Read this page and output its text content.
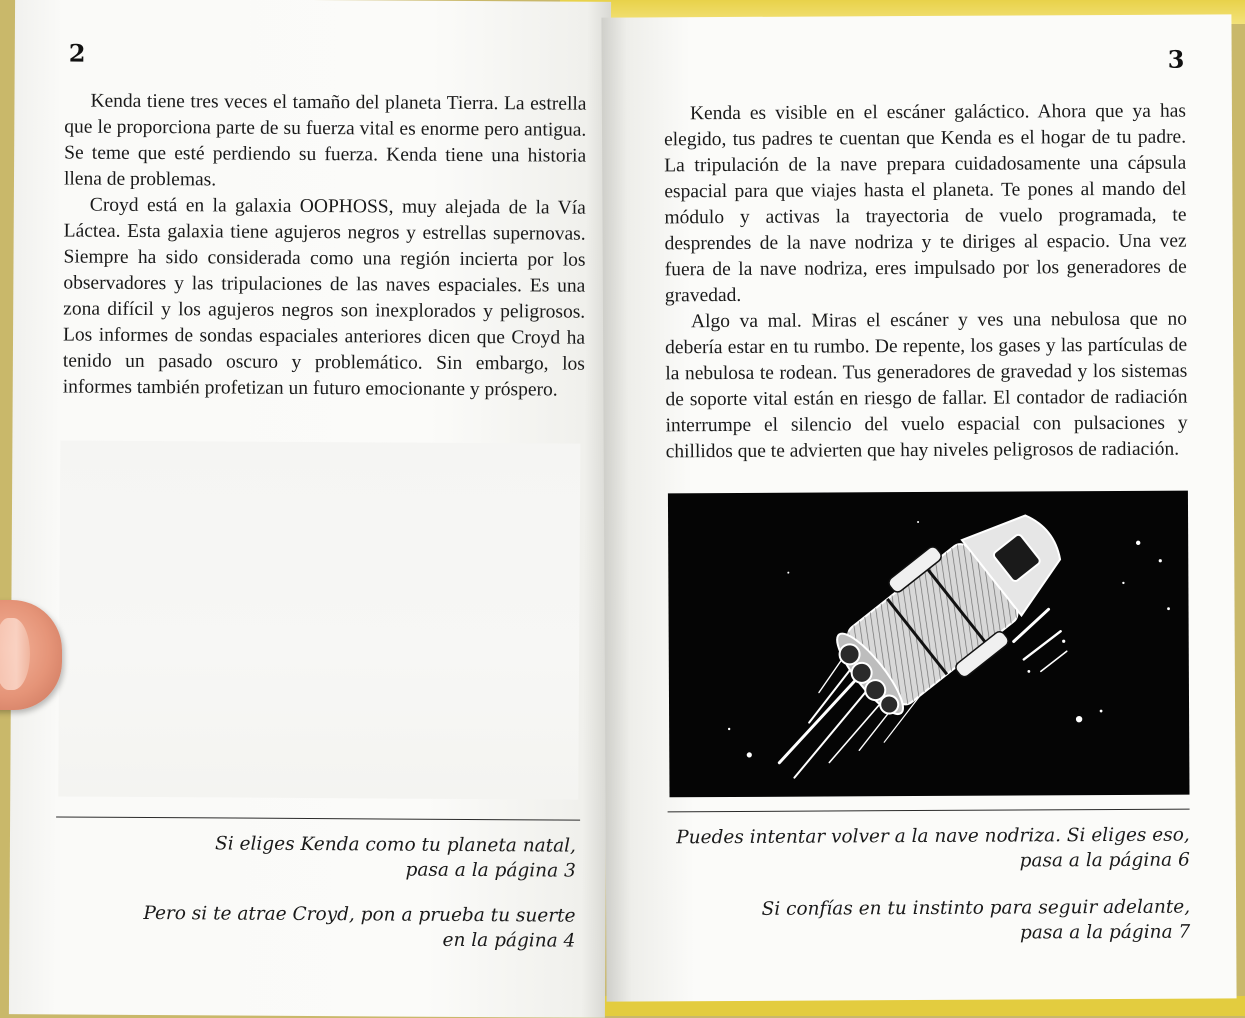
2

Kenda tiene tres veces el tamaño del planeta Tierra. La estrella que le proporciona parte de su fuerza vital es enorme pero antigua. Se teme que esté perdiendo su fuerza. Kenda tiene una historia llena de problemas.

Croyd está en la galaxia OOPHOSS, muy alejada de la Vía Láctea. Esta galaxia tiene agujeros negros y estrellas supernovas. Siempre ha sido considerada como una región incierta por los observadores y las tripulaciones de las naves espaciales. Es una zona difícil y los agujeros negros son inexplorados y peligrosos. Los informes de sondas espaciales anteriores dicen que Croyd ha tenido un pasado oscuro y problemático. Sin embargo, los informes también profetizan un futuro emocionante y próspero.

Si eliges Kenda como tu planeta natal,
pasa a la página 3
Pero si te atrae Croyd, pon a prueba tu suerte
en la página 4
3

Kenda es visible en el escáner galáctico. Ahora que ya has elegido, tus padres te cuentan que Kenda es el hogar de tu padre. La tripulación de la nave prepara cuidadosamente una cápsula espacial para que viajes hasta el planeta. Te pones al mando del módulo y activas la trayectoria de vuelo programada, te desprendes de la nave nodriza y te diriges al espacio. Una vez fuera de la nave nodriza, eres impulsado por los generadores de gravedad.

Algo va mal. Miras el escáner y ves una nebulosa que no debería estar en tu rumbo. De repente, los gases y las partículas de la nebulosa te rodean. Tus generadores de gravedad y los sistemas de soporte vital están en riesgo de fallar. El contador de radiación interrumpe el silencio del vuelo espacial con pulsaciones y chillidos que te advierten que hay niveles peligrosos de radiación.

Puedes intentar volver a la nave nodriza. Si eliges eso,
pasa a la página 6
Si confías en tu instinto para seguir adelante,
pasa a la página 7
